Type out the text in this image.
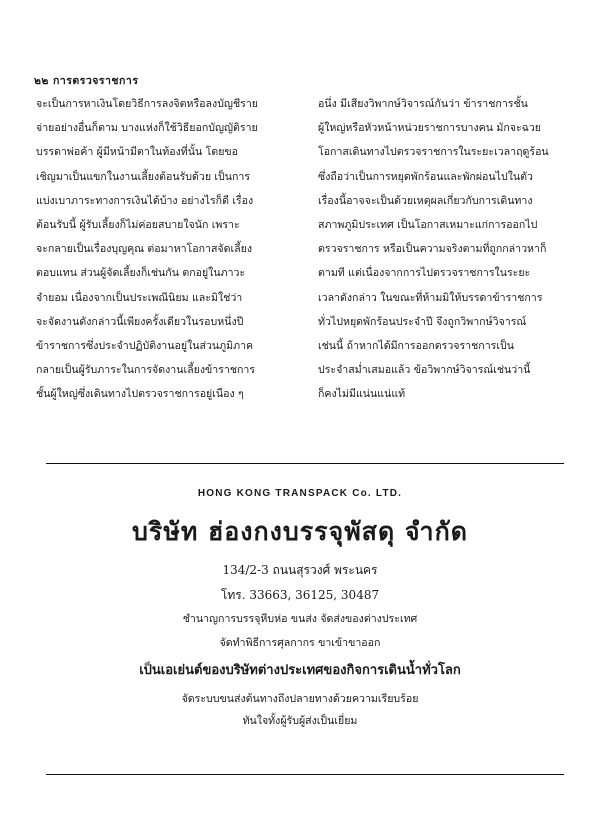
๒๒ การตรวจราชการ
จะเป็นการหาเงินโดยวิธีการลงจิตหรือลงบัญชีราย
จ่ายอย่างอื่นก็ตาม บางแห่งก็ใช้วิธียอกบัญญัติราย
บรรดาพ่อค้า ผู้มีหน้ามีตาในท้องที่นั้น โดยขอ
เชิญมาเป็นแขกในงานเลี้ยงต้อนรับด้วย เป็นการ
แบ่งเบาภาระทางการเงินได้บ้าง อย่างไรก็ดี เรื่อง
ต้อนรับนี้ ผู้รับเลี้ยงก็ไม่ค่อยสบายใจนัก เพราะ
จะกลายเป็นเรื่องบุญคุณ ต่อมาหาโอกาสจัดเลี้ยง
ตอบแทน ส่วนผู้จัดเลี้ยงก็เช่นกัน ตกอยู่ในภาวะ
จำยอม เนื่องจากเป็นประเพณีนิยม และมิใช่ว่า
จะจัดงานดังกล่าวนี้เพียงครั้งเดียวในรอบหนึ่งปี
ข้าราชการซึ่งประจำปฏิบัติงานอยู่ในส่วนภูมิภาค
กลายเป็นผู้รับภาระในการจัดงานเลี้ยงข้าราชการ
ชั้นผู้ใหญ่ซึ่งเดินทางไปตรวจราชการอยู่เนือง ๆ
อนึ่ง มีเสียงวิพากษ์วิจารณ์กันว่า ข้าราชการชั้น
ผู้ใหญ่หรือหัวหน้าหน่วยราชการบางคน มักจะฉวย
โอกาสเดินทางไปตรวจราชการในระยะเวลาฤดูร้อน
ซึ่งถือว่าเป็นการหยุดพักร้อนและพักผ่อนไปในตัว
เรื่องนี้อาจจะเป็นด้วยเหตุผลเกี่ยวกับการเดินทาง
สภาพภูมิประเทศ เป็นโอกาสเหมาะแก่การออกไป
ตรวจราชการ หรือเป็นความจริงตามที่ถูกกล่าวหาก็
ตามที แต่เนื่องจากการไปตรวจราชการในระยะ
เวลาดังกล่าว ในขณะที่ห้ามมิให้บรรดาข้าราชการ
ทั่วไปหยุดพักร้อนประจำปี จึงถูกวิพากษ์วิจารณ์
เช่นนี้ ถ้าหากได้มีการออกตรวจราชการเป็น
ประจำสม่ำเสมอแล้ว ข้อวิพากษ์วิจารณ์เช่นว่านี้
ก็คงไม่มีแน่นแน่แท้
HONG KONG TRANSPACK Co. LTD.
บริษัท ฮ่องกงบรรจุพัสดุ จำกัด
134/2-3 ถนนสุรวงศ์ พระนคร
โทร. 33663, 36125, 30487
ชำนาญการบรรจุหีบห่อ ขนส่ง จัดส่งของต่างประเทศ
จัดทำพิธีการศุลกากร ขาเข้าขาออก
เป็นเอเย่นต์ของบริษัทต่างประเทศของกิจการเดินน้ำทั่วโลก
จัดระบบขนส่งต้นทางถึงปลายทางด้วยความเรียบร้อย
ทันใจทั้งผู้รับผู้ส่งเป็นเยี่ยม
